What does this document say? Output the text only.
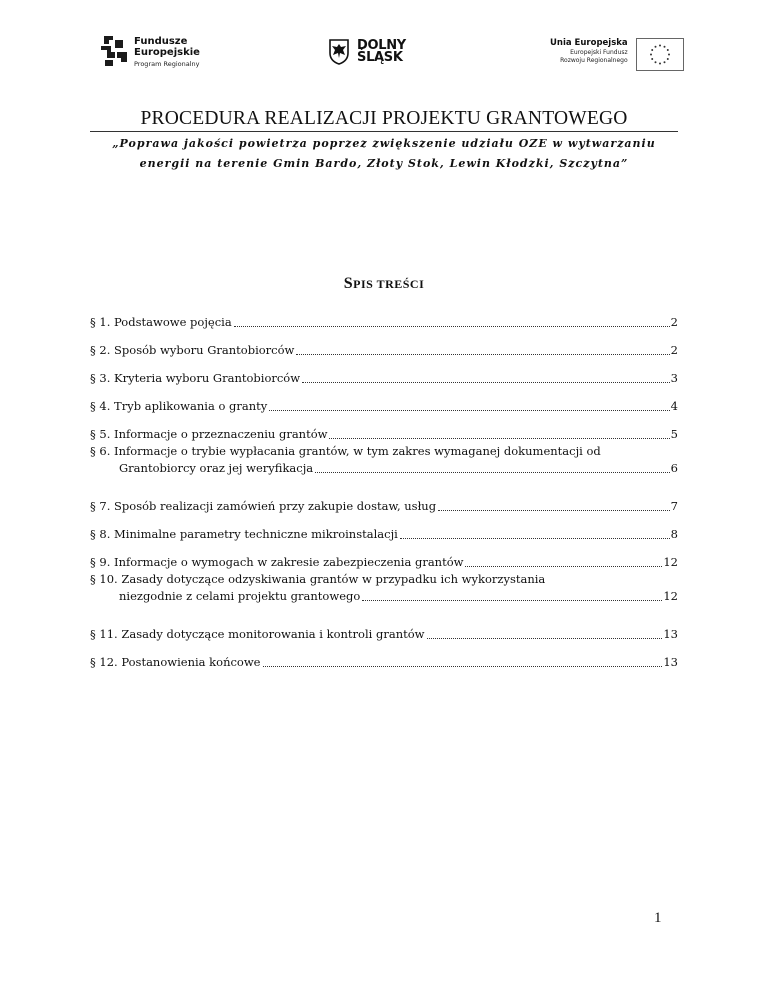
Fundusze
Europejskie
Program Regionalny
DOLNY
ŚLĄSK
Unia Europejska
Europejski Fundusz
Rozwoju Regionalnego
PROCEDURA REALIZACJI PROJEKTU GRANTOWEGO

„Poprawa jakości powietrza poprzez zwiększenie udziału OZE w wytwarzaniu energii na terenie Gmin Bardo, Złoty Stok, Lewin Kłodzki, Szczytna”

SPIS TREŚCI
§ 1. Podstawowe pojęcia	2
§ 2. Sposób wyboru Grantobiorców	2
§ 3. Kryteria wyboru Grantobiorców	3
§ 4. Tryb aplikowania o granty	4
§ 5. Informacje o przeznaczeniu grantów	5
§ 6. Informacje o trybie wypłacania grantów, w tym zakres wymaganej dokumentacji od
Grantobiorcy oraz jej weryfikacja	6
§ 7. Sposób realizacji zamówień przy zakupie dostaw, usług	7
§ 8. Minimalne parametry techniczne mikroinstalacji	8
§ 9. Informacje o wymogach w zakresie zabezpieczenia grantów	12
§ 10. Zasady dotyczące odzyskiwania grantów w przypadku ich wykorzystania
niezgodnie z celami projektu grantowego	12
§ 11. Zasady dotyczące monitorowania i kontroli grantów	13
§ 12. Postanowienia końcowe	13
1
